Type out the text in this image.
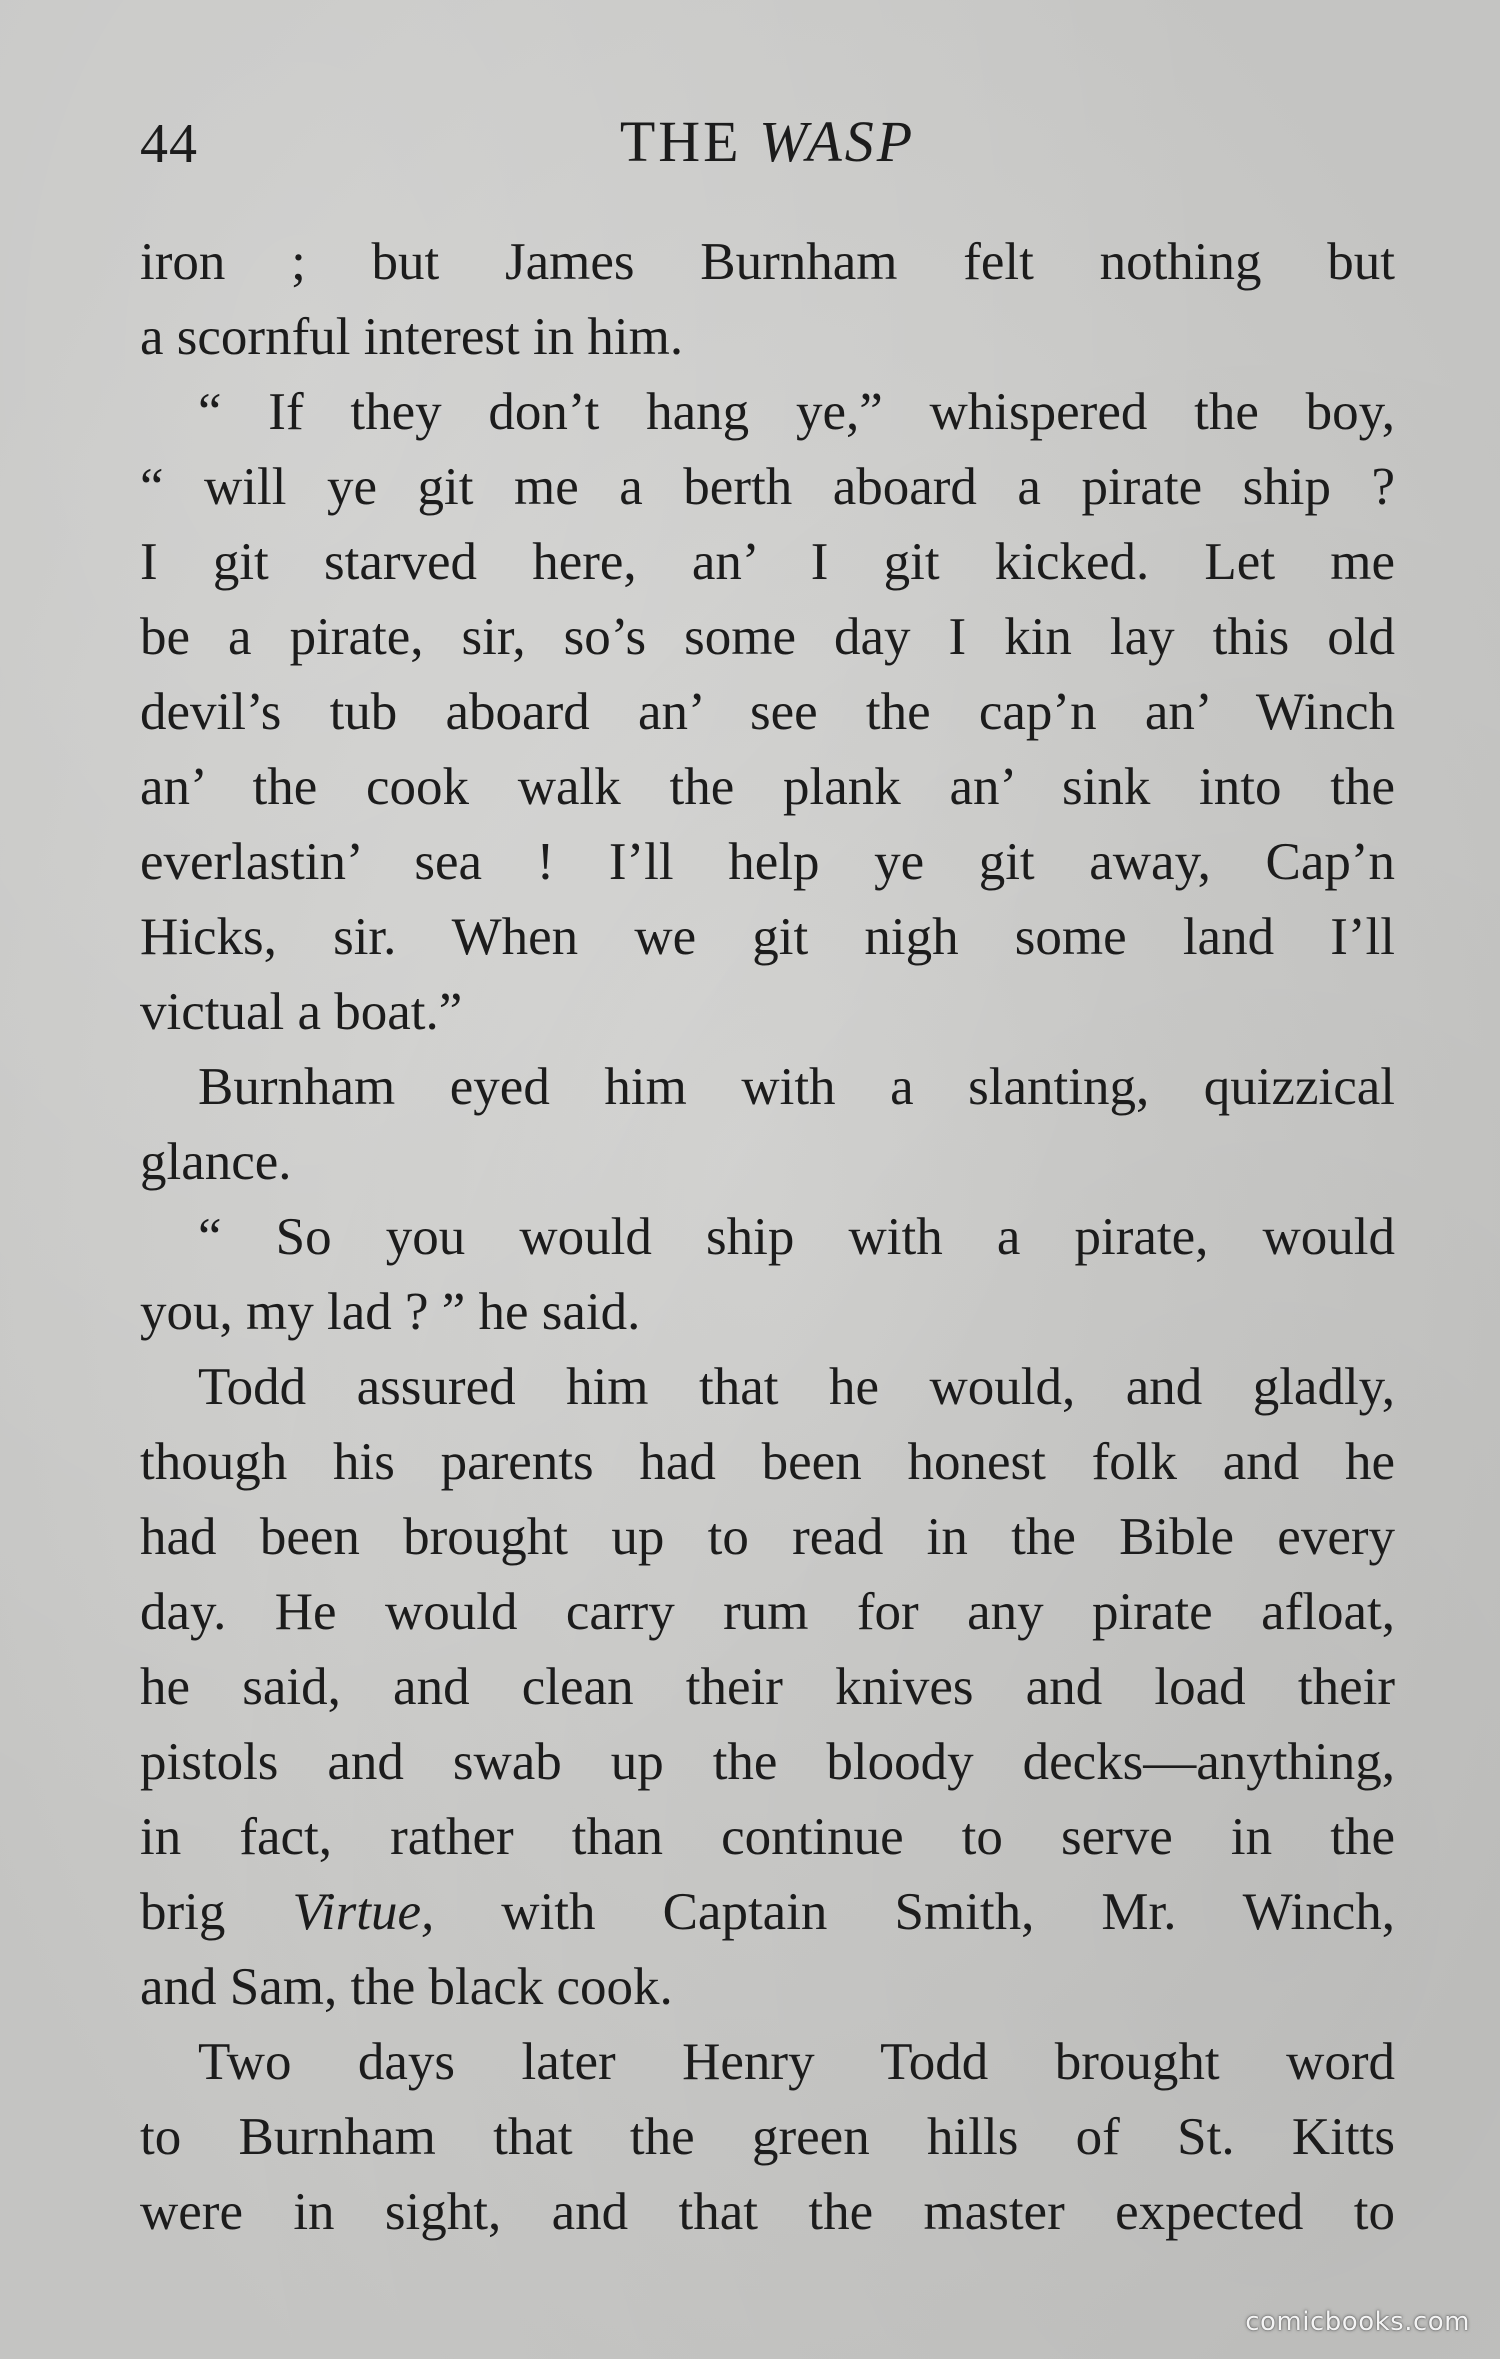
44	THE WASP
iron ; but James Burnham felt nothing but
a scornful interest in him.
“ If they don’t hang ye,” whispered the boy,
“ will ye git me a berth aboard a pirate ship ?
I git starved here, an’ I git kicked. Let me
be a pirate, sir, so’s some day I kin lay this old
devil’s tub aboard an’ see the cap’n an’ Winch
an’ the cook walk the plank an’ sink into the
everlastin’ sea ! I’ll help ye git away, Cap’n
Hicks, sir. When we git nigh some land I’ll
victual a boat.”
Burnham eyed him with a slanting, quizzical
glance.
“ So you would ship with a pirate, would
you, my lad ? ” he said.
Todd assured him that he would, and gladly,
though his parents had been honest folk and he
had been brought up to read in the Bible every
day. He would carry rum for any pirate afloat,
he said, and clean their knives and load their
pistols and swab up the bloody decks—anything,
in fact, rather than continue to serve in the
brig Virtue, with Captain Smith, Mr. Winch,
and Sam, the black cook.
Two days later Henry Todd brought word
to Burnham that the green hills of St. Kitts
were in sight, and that the master expected to
comicbooks.com
